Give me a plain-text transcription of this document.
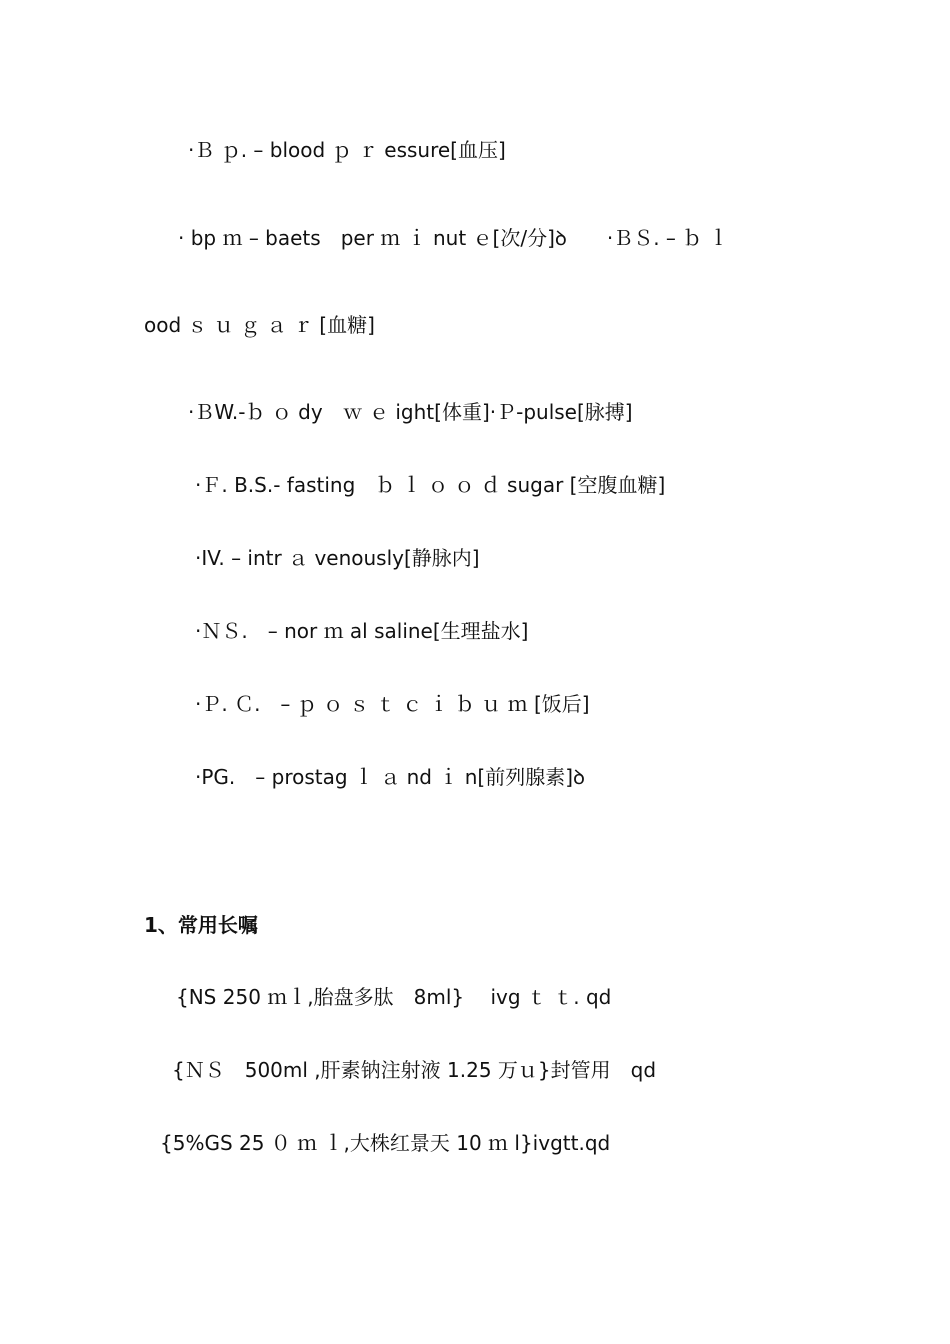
·Ｂ ｐ. – blood ｐ ｒ essure[血压]
· bp ｍ – baets　per ｍ ｉ nut ｅ[次/分]ꝺ　　·ＢＳ. – ｂ ｌ
ood ｓ ｕ ｇ ａ ｒ [血糖]
·ＢW.-ｂ ｏ dy　ｗ ｅ ight[体重]·Ｐ-pulse[脉搏]
·Ｆ. B.S.- fasting　ｂ ｌ ｏ ｏ ｄ sugar [空腹血糖]
·IV. – intr ａ venously[静脉内]
·ＮＳ.　– nor ｍ al saline[生理盐水]
·Ｐ. Ｃ.　– ｐ ｏ ｓ ｔ ｃ ｉ ｂ ｕ ｍ [饭后]
·PG.　– prostag ｌ ａ nd ｉ n[前列腺素]ꝺ
1、常用长嘱
{NS 250 ｍｌ,胎盘多肽　8ml}　 ivg ｔ ｔ. qd
{ＮＳ　500ml ,肝素钠注射液 1.25 万ｕ}封管用　qd
{5%GS 25 ０ ｍ ｌ,大株红景天 10 ｍ l}ivgtt.qd
